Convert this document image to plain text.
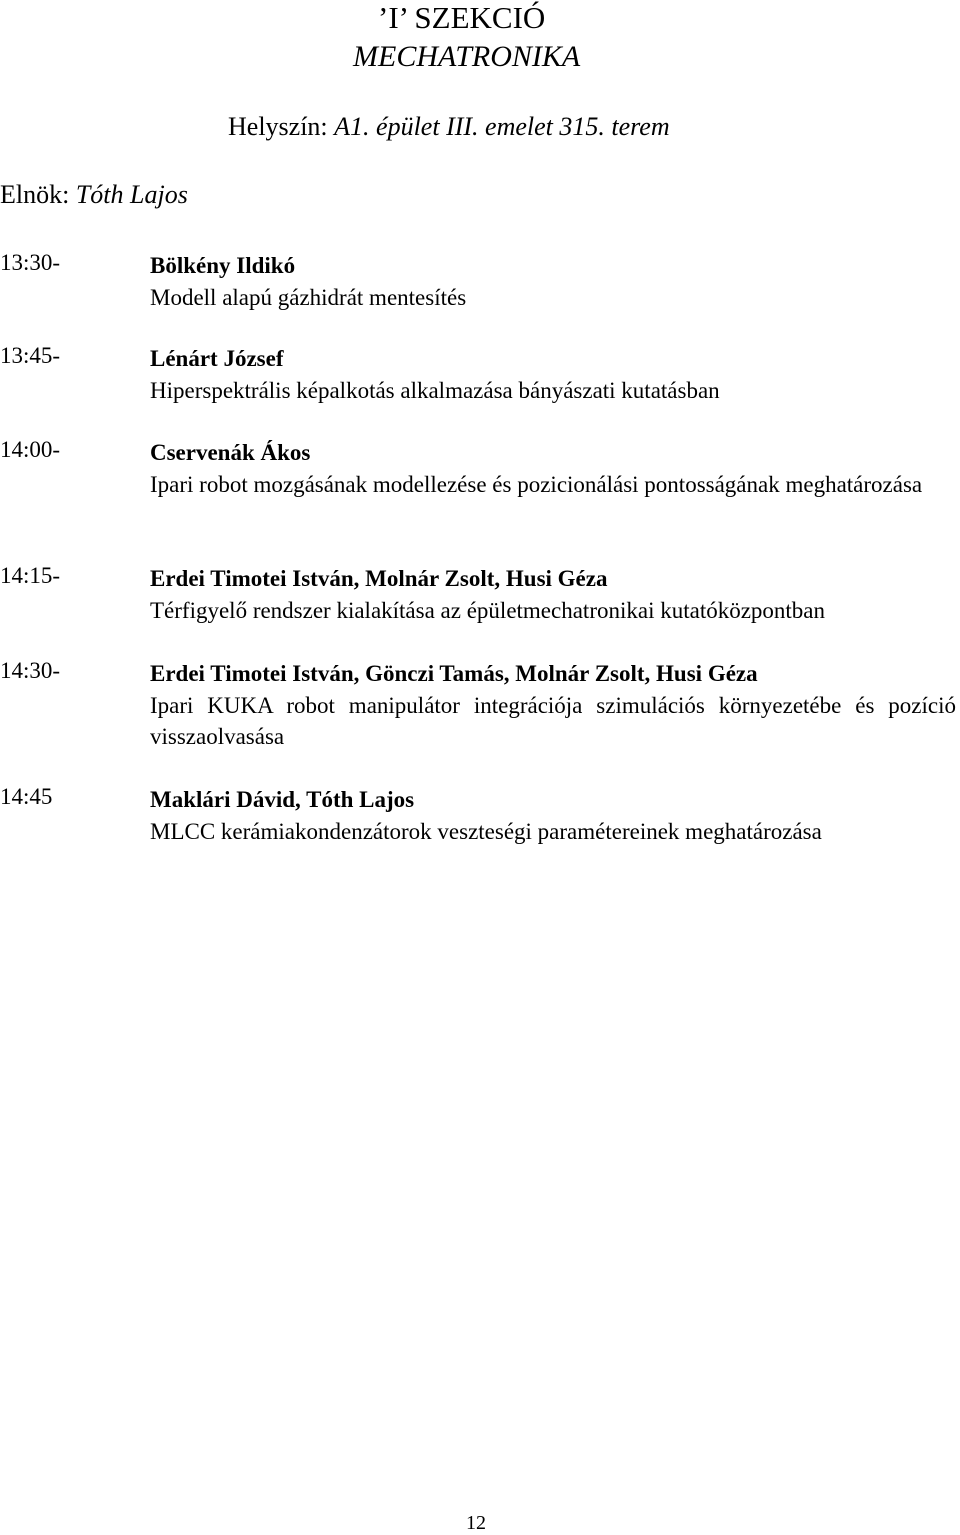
’I’ SZEKCIÓ
MECHATRONIKA
Helyszín: A1. épület III. emelet 315. terem
Elnök: Tóth Lajos
13:30-	Bölkény Ildikó
Modell alapú gázhidrát mentesítés
13:45-	Lénárt József
Hiperspektrális képalkotás alkalmazása bányászati kutatásban
14:00-	Cservenák Ákos
Ipari robot mozgásának modellezése és pozicionálási pontosságának meghatározása
14:15-	Erdei Timotei István, Molnár Zsolt, Husi Géza
Térfigyelő rendszer kialakítása az épületmechatronikai kutatóközpontban
14:30-	Erdei Timotei István, Gönczi Tamás, Molnár Zsolt, Husi Géza
Ipari KUKA robot manipulátor integrációja szimulációs környezetébe és pozíció visszaolvasása
14:45	Maklári Dávid, Tóth Lajos
MLCC kerámiakondenzátorok veszteségi paramétereinek meghatározása
12
